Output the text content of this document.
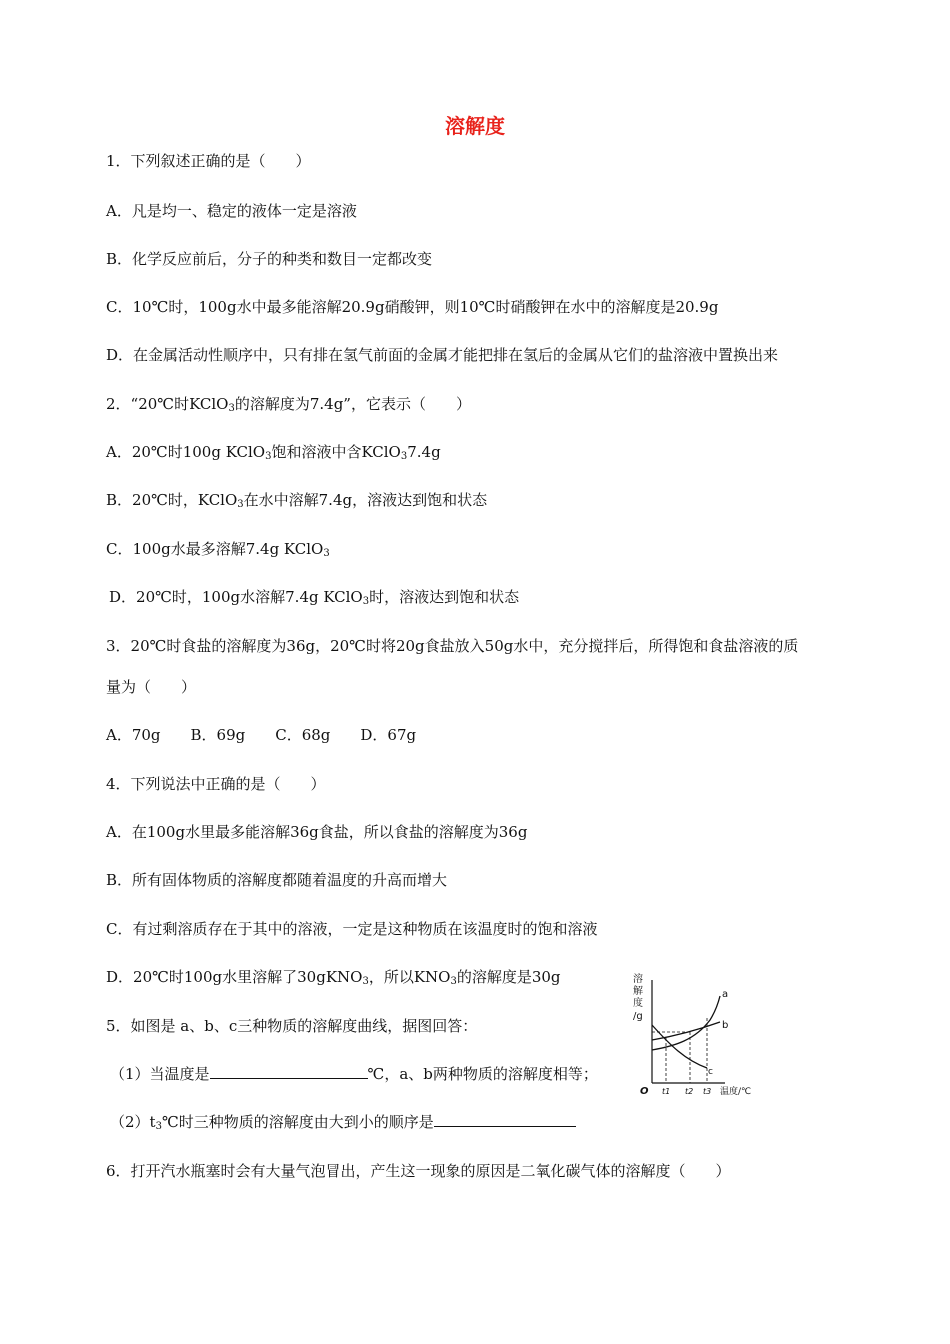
溶解度
1．下列叙述正确的是（　　）
A．凡是均一、稳定的液体一定是溶液
B．化学反应前后，分子的种类和数目一定都改变
C．10℃时，100g水中最多能溶解20.9g硝酸钾，则10℃时硝酸钾在水中的溶解度是20.9g
D．在金属活动性顺序中，只有排在氢气前面的金属才能把排在氢后的金属从它们的盐溶液中置换出来
2．“20℃时KClO$_3$的溶解度为7.4g”，它表示（　　）
A．20℃时100g KClO$_3$饱和溶液中含KClO$_3$7.4g
B．20℃时，KClO$_3$在水中溶解7.4g，溶液达到饱和状态
C．100g水最多溶解7.4g KClO$_3$
D．20℃时，100g水溶解7.4g KClO$_3$时，溶液达到饱和状态
3．20℃时食盐的溶解度为36g，20℃时将20g食盐放入50g水中，充分搅拌后，所得饱和食盐溶液的质
量为（　　）
A．70g　　B．69g　　C．68g　　D．67g
4．下列说法中正确的是（　　）
A．在100g水里最多能溶解36g食盐，所以食盐的溶解度为36g
B．所有固体物质的溶解度都随着温度的升高而增大
C．有过剩溶质存在于其中的溶液，一定是这种物质在该温度时的饱和溶液
D．20℃时100g水里溶解了30gKNO$_3$，所以$KNO_3$的溶解度是30g
5．如图是 a、b、c三种物质的溶解度曲线，据图回答：
（1）当温度是	℃，a、b两种物质的溶解度相等；
$(2)t_3℃$时三种物质的溶解度由大到小的顺序是
6．打开汽水瓶塞时会有大量气泡冒出，产生这一现象的原因是二氧化碳气体的溶解度（　　）
溶
解
度
/g
O	温度/℃
t1 t2 t3
a
b
c
